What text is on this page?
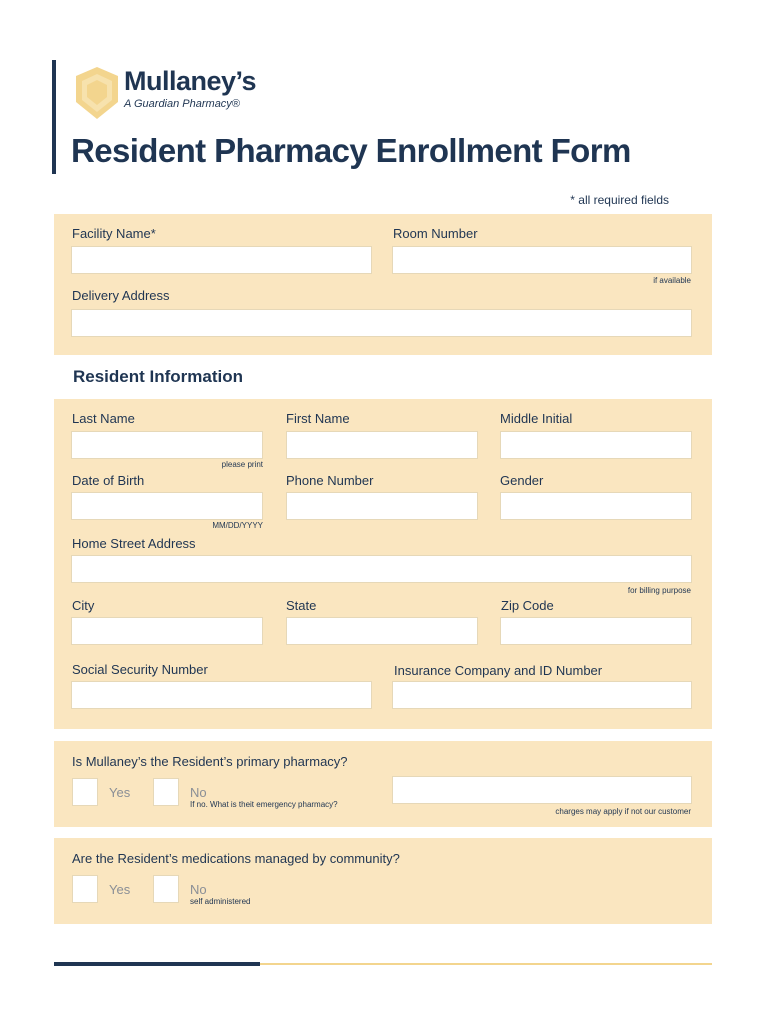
Mullaney’s
A Guardian Pharmacy®
Resident Pharmacy Enrollment Form
* all required fields
Facility Name*	Room Number
if available
Delivery Address
Resident Information
Last Name	First Name	Middle Initial
please print
Date of Birth	Phone Number	Gender
MM/DD/YYYY
Home Street Address
for billing purpose
City	State	Zip Code
Social Security Number	Insurance Company and ID Number
Is Mullaney’s the Resident’s primary pharmacy?
Yes	No
If no. What is theit emergency pharmacy?
charges may apply if not our customer
Are the Resident’s medications managed by community?
Yes	No
self administered
